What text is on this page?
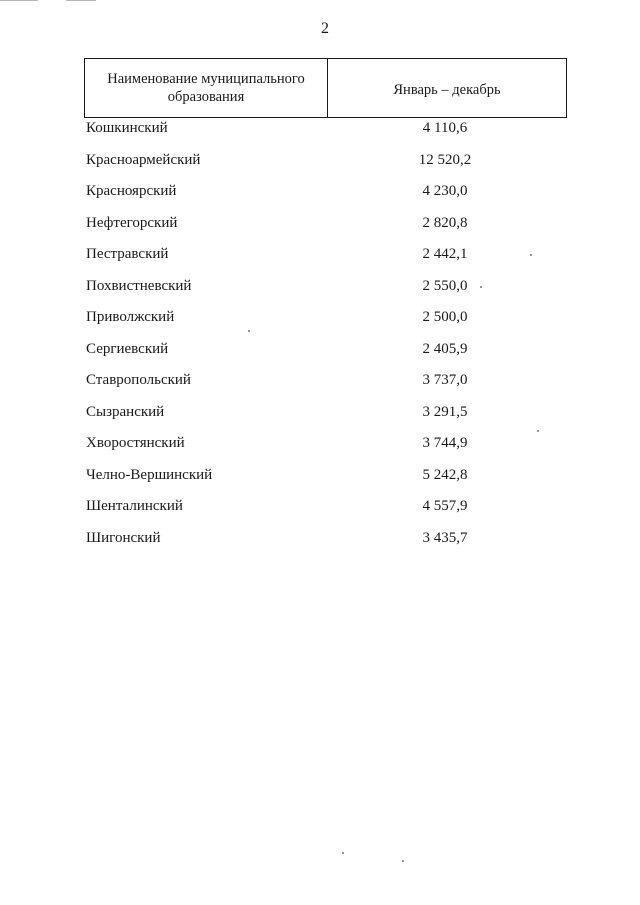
2
Наименование муниципального образования	Январь – декабрь
Кошкинский	4 110,6
Красноармейский	12 520,2
Красноярский	4 230,0
Нефтегорский	2 820,8
Пестравский	2 442,1
Похвистневский	2 550,0
Приволжский	2 500,0
Сергиевский	2 405,9
Ставропольский	3 737,0
Сызранский	3 291,5
Хворостянский	3 744,9
Челно-Вершинский	5 242,8
Шенталинский	4 557,9
Шигонский	3 435,7
